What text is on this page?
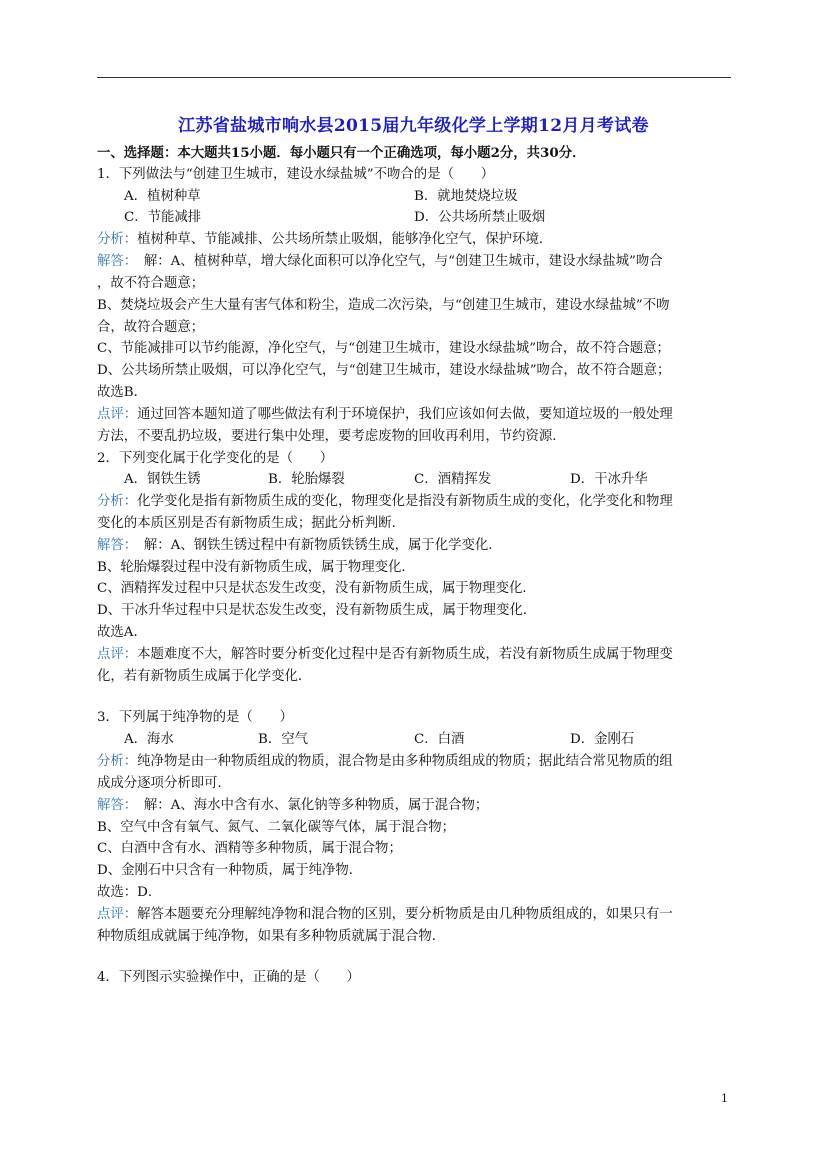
江苏省盐城市响水县2015届九年级化学上学期12月月考试卷
一、选择题：本大题共15小题．每小题只有一个正确选项，每小题2分，共30分．
1．下列做法与“创建卫生城市，建设水绿盐城”不吻合的是（　　）
A．植树种草	B．就地焚烧垃圾
C．节能减排	D．公共场所禁止吸烟
分析：植树种草、节能减排、公共场所禁止吸烟，能够净化空气，保护环境．
解答：　解：A、植树种草，增大绿化面积可以净化空气，与“创建卫生城市，建设水绿盐城”吻合
，故不符合题意；
B、焚烧垃圾会产生大量有害气体和粉尘，造成二次污染，与“创建卫生城市，建设水绿盐城”不吻
合，故符合题意；
C、节能减排可以节约能源，净化空气，与“创建卫生城市，建设水绿盐城”吻合，故不符合题意；
D、公共场所禁止吸烟，可以净化空气，与“创建卫生城市，建设水绿盐城”吻合，故不符合题意；
故选B．
点评：通过回答本题知道了哪些做法有利于环境保护，我们应该如何去做，要知道垃圾的一般处理
方法，不要乱扔垃圾，要进行集中处理，要考虑废物的回收再利用，节约资源．
2．下列变化属于化学变化的是（　　）
A．钢铁生锈	B．轮胎爆裂	C．酒精挥发	D．干冰升华
分析：化学变化是指有新物质生成的变化，物理变化是指没有新物质生成的变化，化学变化和物理
变化的本质区别是否有新物质生成；据此分析判断．
解答：　解：A、钢铁生锈过程中有新物质铁锈生成，属于化学变化．
B、轮胎爆裂过程中没有新物质生成，属于物理变化．
C、酒精挥发过程中只是状态发生改变，没有新物质生成，属于物理变化．
D、干冰升华过程中只是状态发生改变，没有新物质生成，属于物理变化．
故选A．
点评：本题难度不大，解答时要分析变化过程中是否有新物质生成，若没有新物质生成属于物理变
化，若有新物质生成属于化学变化．
3．下列属于纯净物的是（　　）
A．海水	B．空气	C．白酒	D．金刚石
分析：纯净物是由一种物质组成的物质，混合物是由多种物质组成的物质；据此结合常见物质的组
成成分逐项分析即可．
解答：　解：A、海水中含有水、氯化钠等多种物质，属于混合物；
B、空气中含有氧气、氮气、二氧化碳等气体，属于混合物；
C、白酒中含有水、酒精等多种物质，属于混合物；
D、金刚石中只含有一种物质，属于纯净物．
故选：D．
点评：解答本题要充分理解纯净物和混合物的区别，要分析物质是由几种物质组成的，如果只有一
种物质组成就属于纯净物，如果有多种物质就属于混合物．
4．下列图示实验操作中，正确的是（　　）
1
